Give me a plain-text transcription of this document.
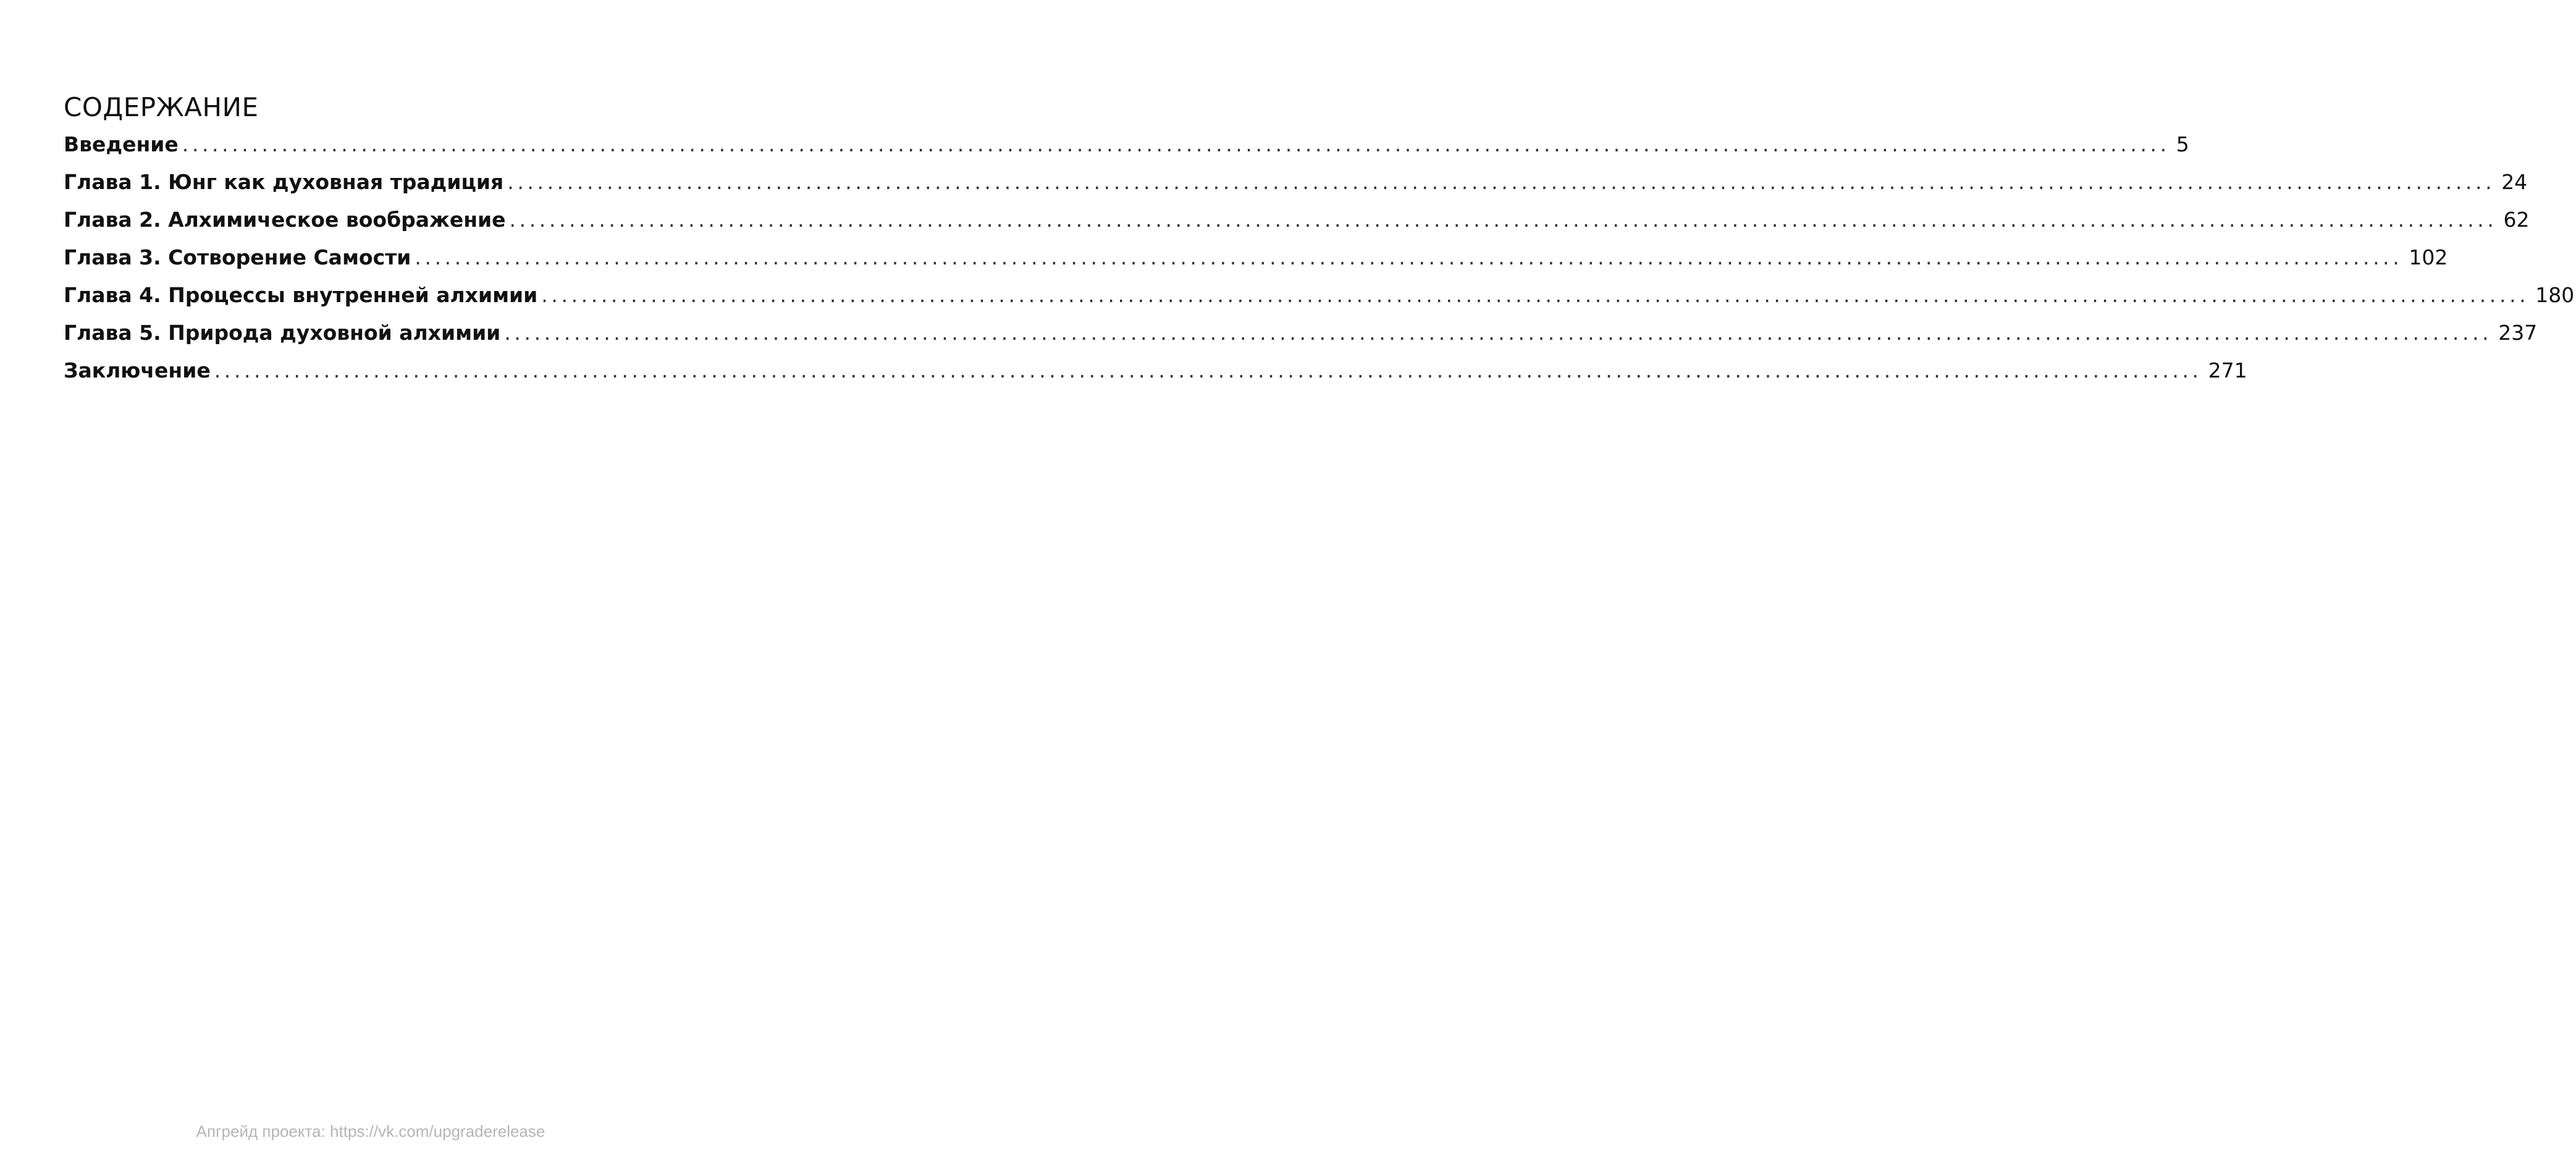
СОДЕРЖАНИЕ
Введение ........................................................................................................................................................................................................ 5
Глава 1. Юнг как духовная традиция ........................................................................................................................................................................................................ 24
Глава 2. Алхимическое воображение ........................................................................................................................................................................................................ 62
Глава 3. Сотворение Самости ........................................................................................................................................................................................................ 102
Глава 4. Процессы внутренней алхимии ........................................................................................................................................................................................................ 180
Глава 5. Природа духовной алхимии ........................................................................................................................................................................................................ 237
Заключение ........................................................................................................................................................................................................ 271
Апгрейд проекта: https://vk.com/upgraderelease
